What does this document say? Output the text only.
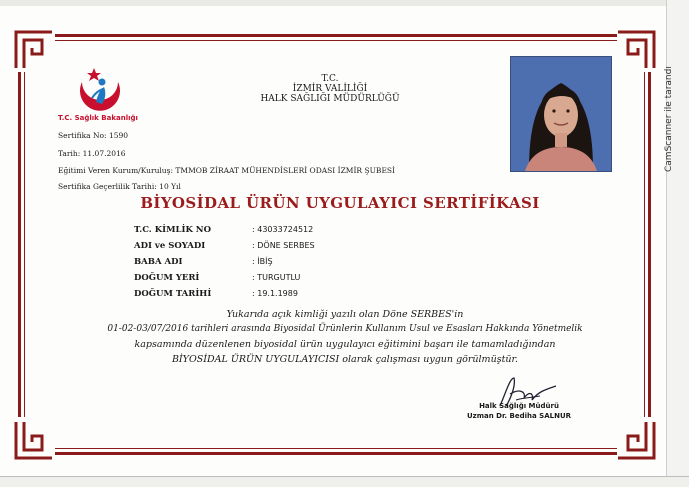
T.C. Sağlık Bakanlığı
T.C.
İZMİR VALİLİĞİ
HALK SAĞLIĞI MÜDÜRLÜĞÜ
Sertifika No: 1590
Tarih: 11.07.2016
Eğitimi Veren Kurum/Kuruluş: TMMOB ZİRAAT MÜHENDİSLERİ ODASI İZMİR ŞUBESİ
Sertifika Geçerlilik Tarihi: 10 Yıl
CamScanner ile tarandı
BİYOSİDAL ÜRÜN UYGULAYICI SERTİFİKASI
T.C. KİMLİK NO	: 43033724512
ADI ve SOYADI	: DÖNE SERBES
BABA ADI	: İBİŞ
DOĞUM YERİ	: TURGUTLU
DOĞUM TARİHİ	: 19.1.1989
Yukarıda açık kimliği yazılı olan Döne SERBES'in
01-02-03/07/2016 tarihleri arasında Biyosidal Ürünlerin Kullanım Usul ve Esasları Hakkında Yönetmelik
kapsamında düzenlenen biyosidal ürün uygulayıcı eğitimini başarı ile tamamladığından
BİYOSİDAL ÜRÜN UYGULAYICISI olarak çalışması uygun görülmüştür.
Halk Sağlığı Müdürü
Uzman Dr. Bediha SALNUR
